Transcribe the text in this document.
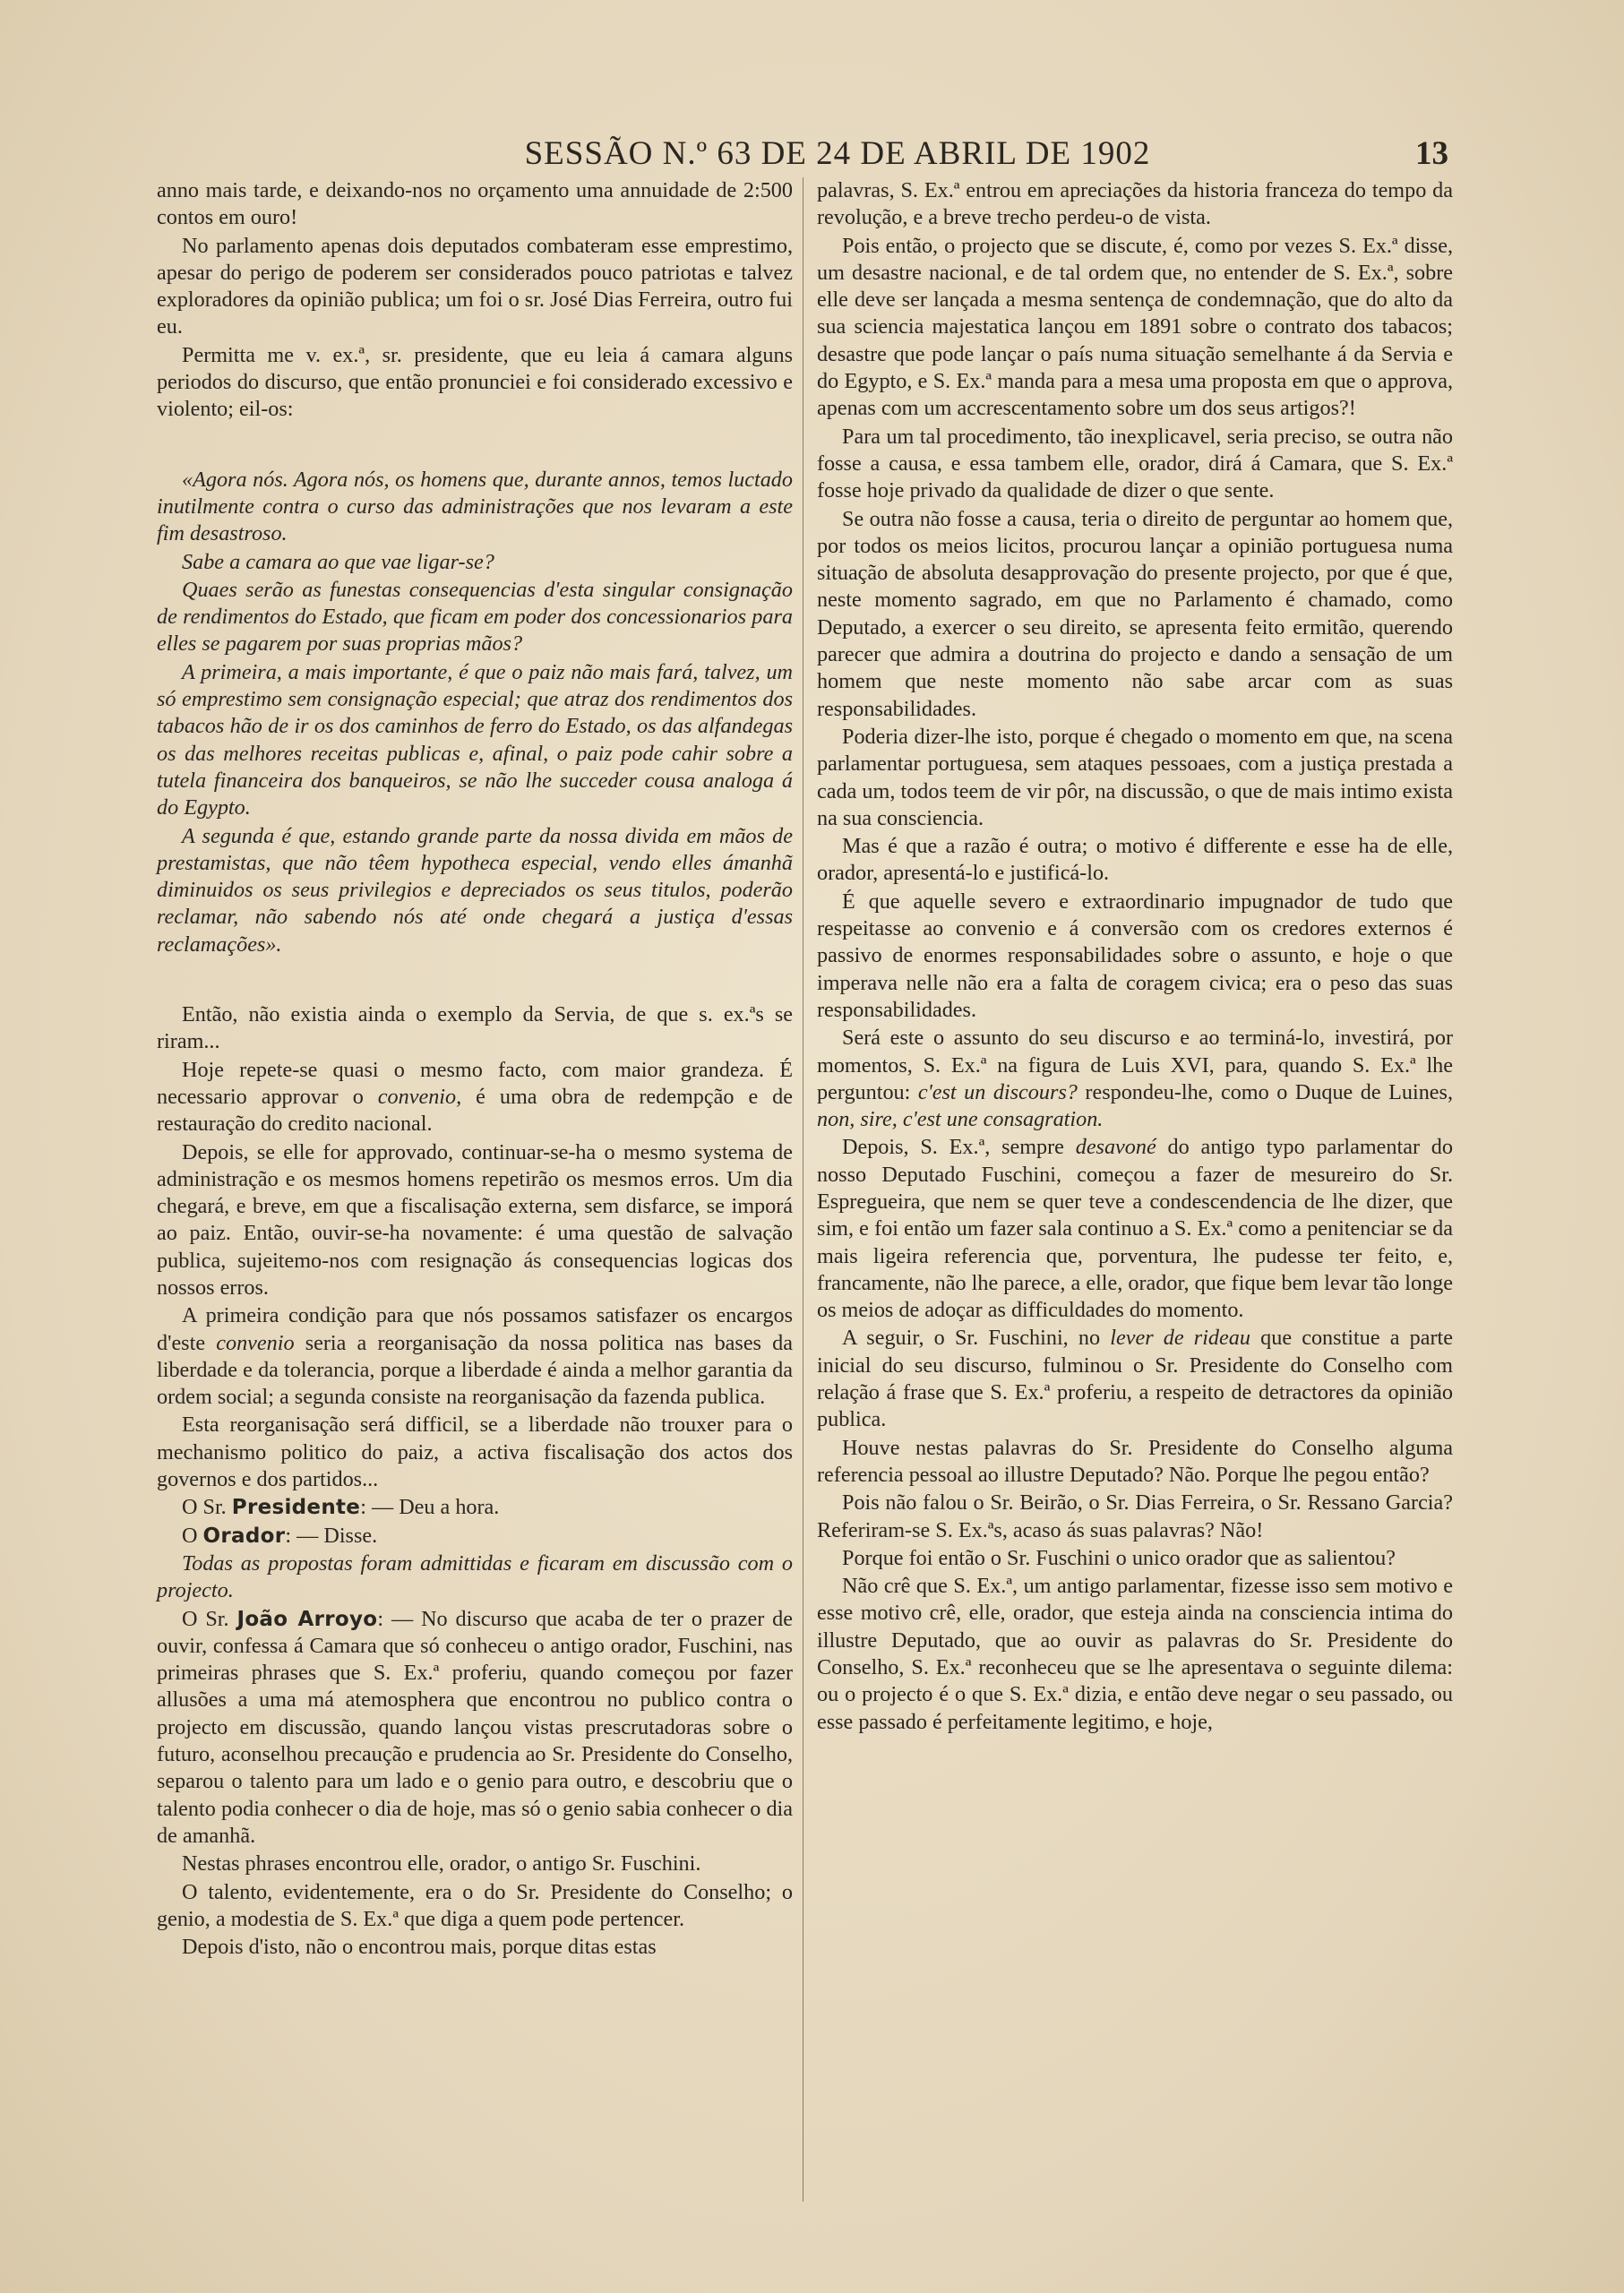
SESSÃO N.º 63 DE 24 DE ABRIL DE 1902	13

anno mais tarde, e deixando-nos no orçamento uma annuidade de 2:500 contos em ouro!

No parlamento apenas dois deputados combateram esse emprestimo, apesar do perigo de poderem ser considerados pouco patriotas e talvez exploradores da opinião publica; um foi o sr. José Dias Ferreira, outro fui eu.

Permitta me v. ex.ª, sr. presidente, que eu leia á camara alguns periodos do discurso, que então pronunciei e foi considerado excessivo e violento; eil-os:

«Agora nós. Agora nós, os homens que, durante annos, temos luctado inutilmente contra o curso das administrações que nos levaram a este fim desastroso.

Sabe a camara ao que vae ligar-se?

Quaes serão as funestas consequencias d'esta singular consignação de rendimentos do Estado, que ficam em poder dos concessionarios para elles se pagarem por suas proprias mãos?

A primeira, a mais importante, é que o paiz não mais fará, talvez, um só emprestimo sem consignação especial; que atraz dos rendimentos dos tabacos hão de ir os dos caminhos de ferro do Estado, os das alfandegas os das melhores receitas publicas e, afinal, o paiz pode cahir sobre a tutela financeira dos banqueiros, se não lhe succeder cousa analoga á do Egypto.

A segunda é que, estando grande parte da nossa divida em mãos de prestamistas, que não têem hypotheca especial, vendo elles ámanhã diminuidos os seus privilegios e depreciados os seus titulos, poderão reclamar, não sabendo nós até onde chegará a justiça d'essas reclamações».

Então, não existia ainda o exemplo da Servia, de que s. ex.ªs se riram...

Hoje repete-se quasi o mesmo facto, com maior grandeza. É necessario approvar o convenio, é uma obra de redempção e de restauração do credito nacional.

Depois, se elle for approvado, continuar-se-ha o mesmo systema de administração e os mesmos homens repetirão os mesmos erros. Um dia chegará, e breve, em que a fiscalisação externa, sem disfarce, se imporá ao paiz. Então, ouvir-se-ha novamente: é uma questão de salvação publica, sujeitemo-nos com resignação ás consequencias logicas dos nossos erros.

A primeira condição para que nós possamos satisfazer os encargos d'este convenio seria a reorganisação da nossa politica nas bases da liberdade e da tolerancia, porque a liberdade é ainda a melhor garantia da ordem social; a segunda consiste na reorganisação da fazenda publica.

Esta reorganisação será difficil, se a liberdade não trouxer para o mechanismo politico do paiz, a activa fiscalisação dos actos dos governos e dos partidos...

O Sr. Presidente: — Deu a hora.

O Orador: — Disse.

Todas as propostas foram admittidas e ficaram em discussão com o projecto.

O Sr. João Arroyo: — No discurso que acaba de ter o prazer de ouvir, confessa á Camara que só conheceu o antigo orador, Fuschini, nas primeiras phrases que S. Ex.ª proferiu, quando começou por fazer allusões a uma má atemosphera que encontrou no publico contra o projecto em discussão, quando lançou vistas prescrutadoras sobre o futuro, aconselhou precaução e prudencia ao Sr. Presidente do Conselho, separou o talento para um lado e o genio para outro, e descobriu que o talento podia conhecer o dia de hoje, mas só o genio sabia conhecer o dia de amanhã.

Nestas phrases encontrou elle, orador, o antigo Sr. Fuschini.

O talento, evidentemente, era o do Sr. Presidente do Conselho; o genio, a modestia de S. Ex.ª que diga a quem pode pertencer.

Depois d'isto, não o encontrou mais, porque ditas estas

palavras, S. Ex.ª entrou em apreciações da historia franceza do tempo da revolução, e a breve trecho perdeu-o de vista.

Pois então, o projecto que se discute, é, como por vezes S. Ex.ª disse, um desastre nacional, e de tal ordem que, no entender de S. Ex.ª, sobre elle deve ser lançada a mesma sentença de condemnação, que do alto da sua sciencia majestatica lançou em 1891 sobre o contrato dos tabacos; desastre que pode lançar o país numa situação semelhante á da Servia e do Egypto, e S. Ex.ª manda para a mesa uma proposta em que o approva, apenas com um accrescentamento sobre um dos seus artigos?!

Para um tal procedimento, tão inexplicavel, seria preciso, se outra não fosse a causa, e essa tambem elle, orador, dirá á Camara, que S. Ex.ª fosse hoje privado da qualidade de dizer o que sente.

Se outra não fosse a causa, teria o direito de perguntar ao homem que, por todos os meios licitos, procurou lançar a opinião portuguesa numa situação de absoluta desapprovação do presente projecto, por que é que, neste momento sagrado, em que no Parlamento é chamado, como Deputado, a exercer o seu direito, se apresenta feito ermitão, querendo parecer que admira a doutrina do projecto e dando a sensação de um homem que neste momento não sabe arcar com as suas responsabilidades.

Poderia dizer-lhe isto, porque é chegado o momento em que, na scena parlamentar portuguesa, sem ataques pessoaes, com a justiça prestada a cada um, todos teem de vir pôr, na discussão, o que de mais intimo exista na sua consciencia.

Mas é que a razão é outra; o motivo é differente e esse ha de elle, orador, apresentá-lo e justificá-lo.

É que aquelle severo e extraordinario impugnador de tudo que respeitasse ao convenio e á conversão com os credores externos é passivo de enormes responsabilidades sobre o assunto, e hoje o que imperava nelle não era a falta de coragem civica; era o peso das suas responsabilidades.

Será este o assunto do seu discurso e ao terminá-lo, investirá, por momentos, S. Ex.ª na figura de Luis XVI, para, quando S. Ex.ª lhe perguntou: c'est un discours? respondeu-lhe, como o Duque de Luines, non, sire, c'est une consagration.

Depois, S. Ex.ª, sempre desavoné do antigo typo parlamentar do nosso Deputado Fuschini, começou a fazer de mesureiro do Sr. Espregueira, que nem se quer teve a condescendencia de lhe dizer, que sim, e foi então um fazer sala continuo a S. Ex.ª como a penitenciar se da mais ligeira referencia que, porventura, lhe pudesse ter feito, e, francamente, não lhe parece, a elle, orador, que fique bem levar tão longe os meios de adoçar as difficuldades do momento.

A seguir, o Sr. Fuschini, no lever de rideau que constitue a parte inicial do seu discurso, fulminou o Sr. Presidente do Conselho com relação á frase que S. Ex.ª proferiu, a respeito de detractores da opinião publica.

Houve nestas palavras do Sr. Presidente do Conselho alguma referencia pessoal ao illustre Deputado? Não. Porque lhe pegou então?

Pois não falou o Sr. Beirão, o Sr. Dias Ferreira, o Sr. Ressano Garcia? Referiram-se S. Ex.ªs, acaso ás suas palavras? Não!

Porque foi então o Sr. Fuschini o unico orador que as salientou?

Não crê que S. Ex.ª, um antigo parlamentar, fizesse isso sem motivo e esse motivo crê, elle, orador, que esteja ainda na consciencia intima do illustre Deputado, que ao ouvir as palavras do Sr. Presidente do Conselho, S. Ex.ª reconheceu que se lhe apresentava o seguinte dilema: ou o projecto é o que S. Ex.ª dizia, e então deve negar o seu passado, ou esse passado é perfeitamente legitimo, e hoje,
